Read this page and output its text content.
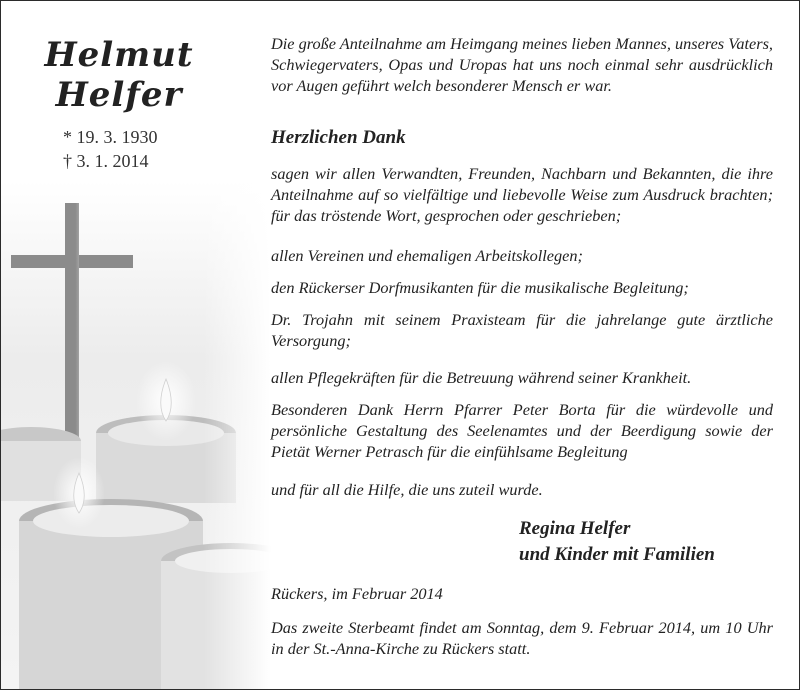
Helmut
Helfer
* 19. 3. 1930
† 3. 1. 2014

Die große Anteilnahme am Heimgang meines lieben Mannes, unseres Vaters, Schwiegervaters, Opas und Uropas hat uns noch einmal sehr ausdrücklich vor Augen geführt welch besonderer Mensch er war.

Herzlichen Dank

sagen wir allen Verwandten, Freunden, Nachbarn und Bekannten, die ihre Anteilnahme auf so vielfältige und liebevolle Weise zum Ausdruck brachten; für das tröstende Wort, gesprochen oder geschrieben;

allen Vereinen und ehemaligen Arbeitskollegen;

den Rückerser Dorfmusikanten für die musikalische Begleitung;

Dr. Trojahn mit seinem Praxisteam für die jahrelange gute ärztliche Versorgung;

allen Pflegekräften für die Betreuung während seiner Krankheit.

Besonderen Dank Herrn Pfarrer Peter Borta für die würdevolle und persönliche Gestaltung des Seelenamtes und der Beerdigung sowie der Pietät Werner Petrasch für die einfühlsame Begleitung

und für all die Hilfe, die uns zuteil wurde.

Regina Helfer
und Kinder mit Familien

Rückers, im Februar 2014

Das zweite Sterbeamt findet am Sonntag, dem 9. Februar 2014, um 10 Uhr in der St.-Anna-Kirche zu Rückers statt.
